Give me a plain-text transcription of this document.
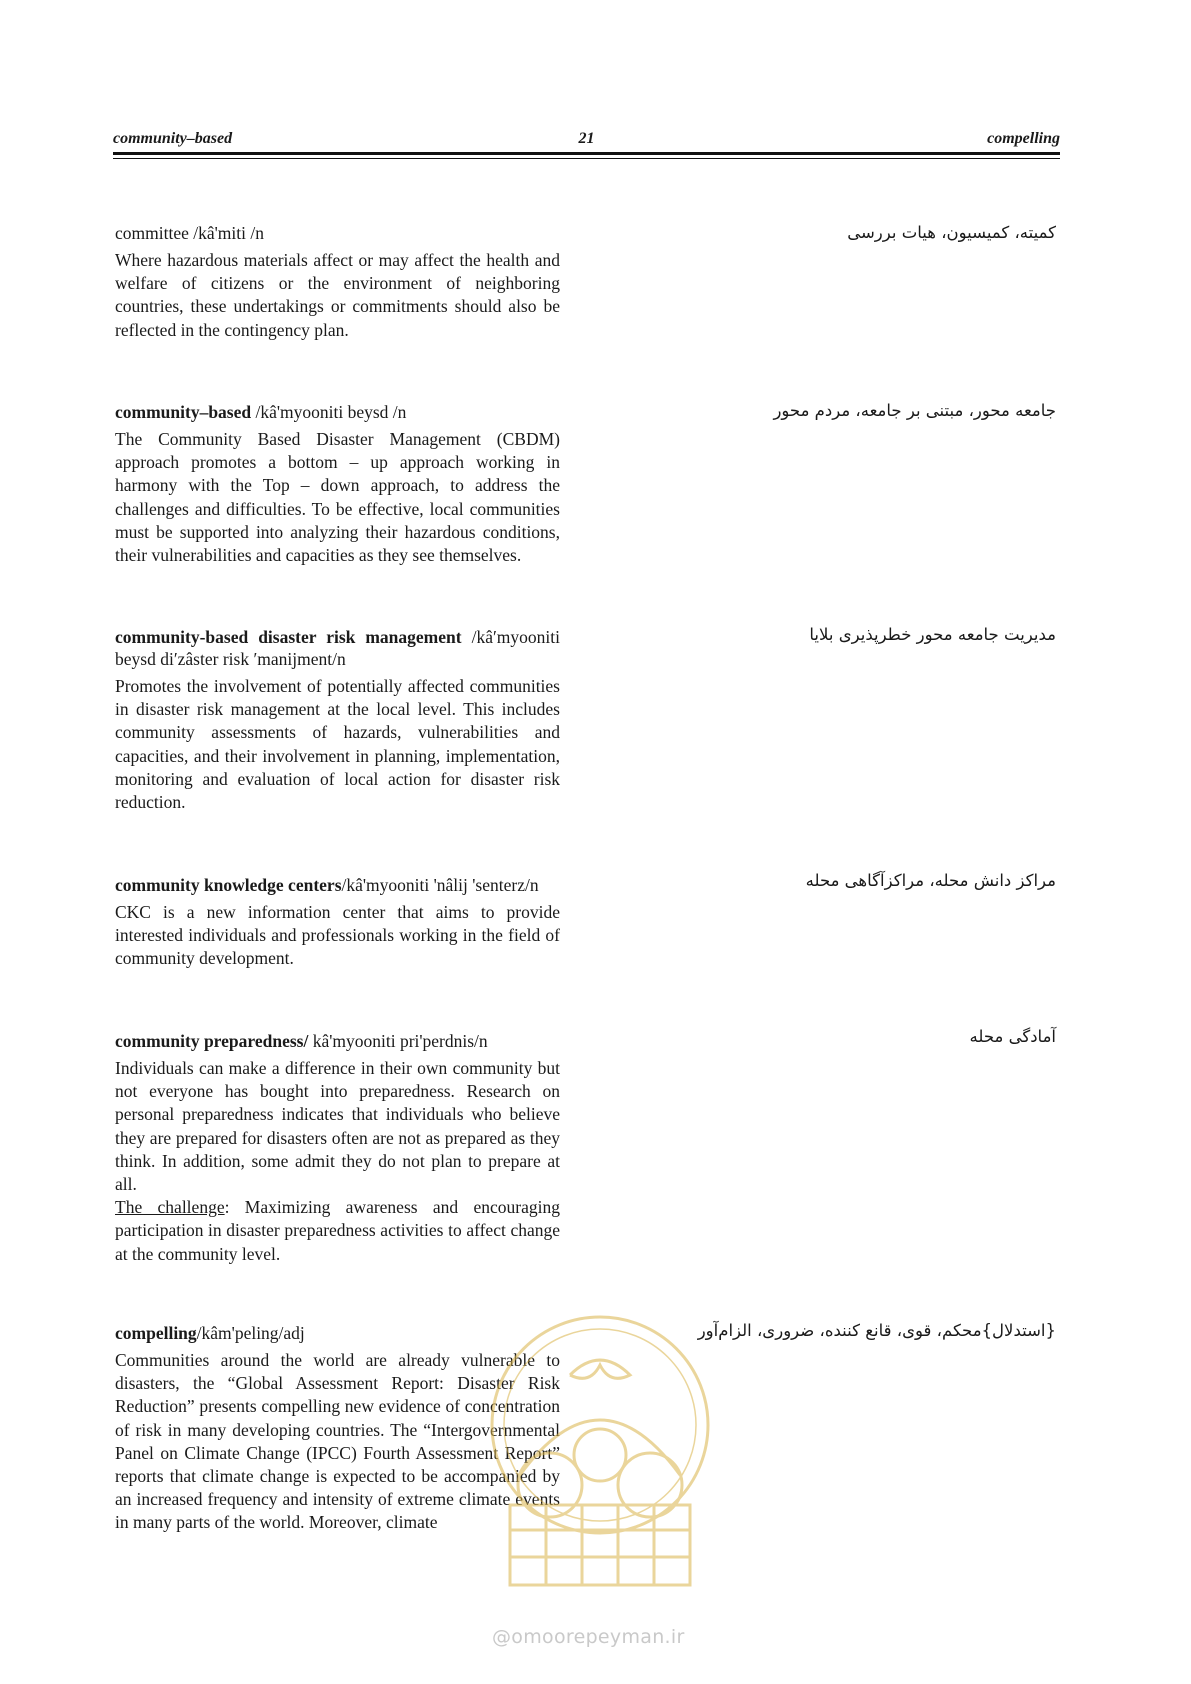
community–based	21	compelling
committee /kâ'miti /n
Where hazardous materials affect or may affect the health and welfare of citizens or the environment of neighboring countries, these undertakings or commitments should also be reflected in the contingency plan.
کمیته، کمیسیون، هیات بررسی
community–based /kâ'myooniti beysd /n
The Community Based Disaster Management (CBDM) approach promotes a bottom – up approach working in harmony with the Top – down approach, to address the challenges and difficulties. To be effective, local communities must be supported into analyzing their hazardous conditions, their vulnerabilities and capacities as they see themselves.
جامعه محور، مبتنی بر جامعه، مردم محور
community-based disaster risk management /kâ′myooniti beysd di′zâster risk ′manijment/n
Promotes the involvement of potentially affected communities in disaster risk management at the local level. This includes community assessments of hazards, vulnerabilities and capacities, and their involvement in planning, implementation, monitoring and evaluation of local action for disaster risk reduction.
مدیریت جامعه محور خطرپذیری بلایا
community knowledge centers/kâ'myooniti 'nâlij 'senterz/n
CKC is a new information center that aims to provide interested individuals and professionals working in the field of community development.
مراکز دانش محله، مراکزآگاهی محله
community preparedness/ kâ'myooniti pri'perdnis/n
Individuals can make a difference in their own community but not everyone has bought into preparedness. Research on personal preparedness indicates that individuals who believe they are prepared for disasters often are not as prepared as they think. In addition, some admit they do not plan to prepare at all.
The challenge: Maximizing awareness and encouraging participation in disaster preparedness activities to affect change at the community level.
آمادگی محله
compelling/kâm'peling/adj
Communities around the world are already vulnerable to disasters, the “Global Assessment Report: Disaster Risk Reduction” presents compelling new evidence of concentration of risk in many developing countries. The “Intergovernmental Panel on Climate Change (IPCC) Fourth Assessment Report” reports that climate change is expected to be accompanied by an increased frequency and intensity of extreme climate events in many parts of the world. Moreover, climate
{استدلال}محکم، قوی، قانع کننده، ضروری، الزام‌آور
@omoorepeyman.ir
